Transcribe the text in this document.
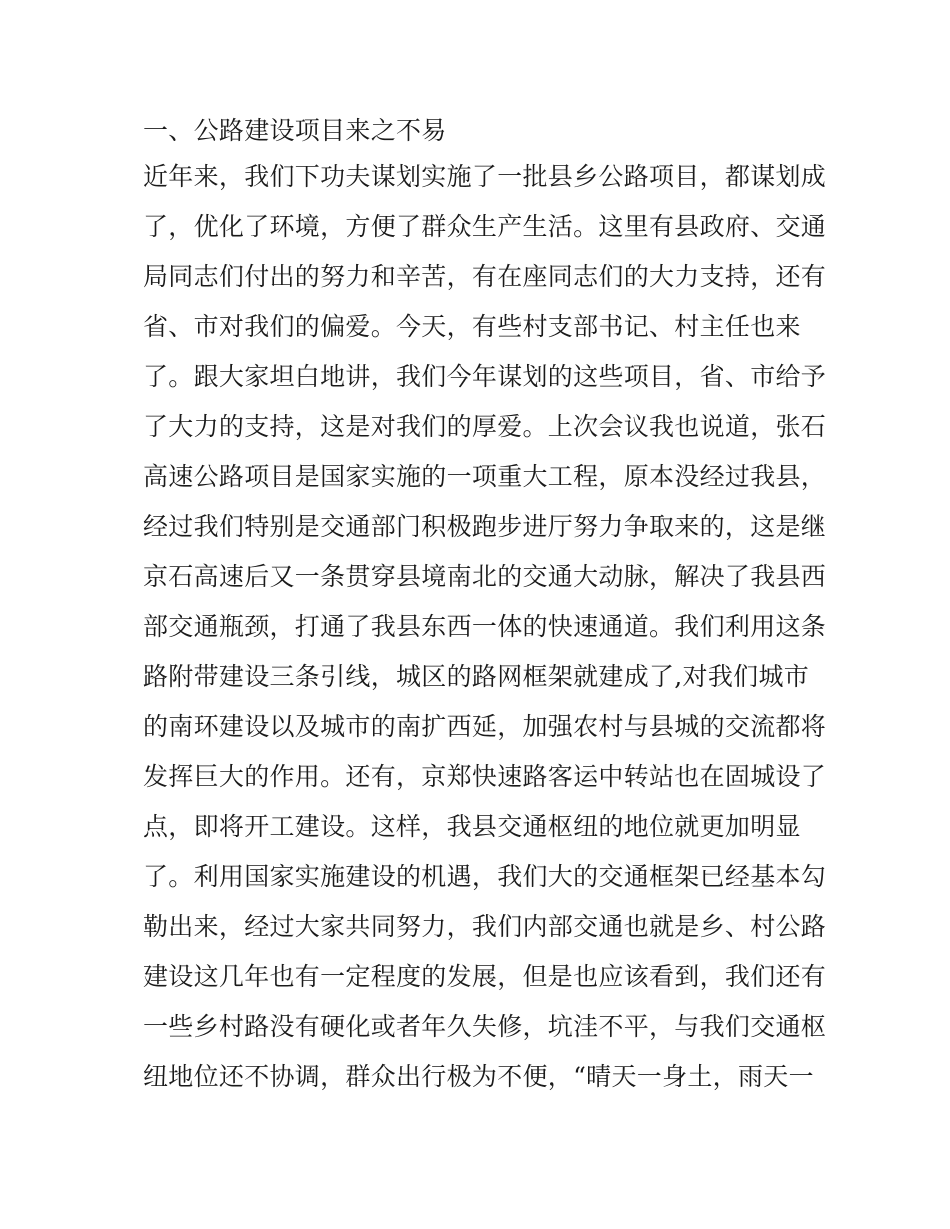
一、公路建设项目来之不易
近年来，我们下功夫谋划实施了一批县乡公路项目，都谋划成
了，优化了环境，方便了群众生产生活。这里有县政府、交通
局同志们付出的努力和辛苦，有在座同志们的大力支持，还有
省、市对我们的偏爱。今天，有些村支部书记、村主任也来
了。跟大家坦白地讲，我们今年谋划的这些项目，省、市给予
了大力的支持，这是对我们的厚爱。上次会议我也说道，张石
高速公路项目是国家实施的一项重大工程，原本没经过我县，
经过我们特别是交通部门积极跑步进厅努力争取来的，这是继
京石高速后又一条贯穿县境南北的交通大动脉，解决了我县西
部交通瓶颈，打通了我县东西一体的快速通道。我们利用这条
路附带建设三条引线，城区的路网框架就建成了,对我们城市
的南环建设以及城市的南扩西延，加强农村与县城的交流都将
发挥巨大的作用。还有，京郑快速路客运中转站也在固城设了
点，即将开工建设。这样，我县交通枢纽的地位就更加明显
了。利用国家实施建设的机遇，我们大的交通框架已经基本勾
勒出来，经过大家共同努力，我们内部交通也就是乡、村公路
建设这几年也有一定程度的发展，但是也应该看到，我们还有
一些乡村路没有硬化或者年久失修，坑洼不平，与我们交通枢
纽地位还不协调，群众出行极为不便，“晴天一身土，雨天一
